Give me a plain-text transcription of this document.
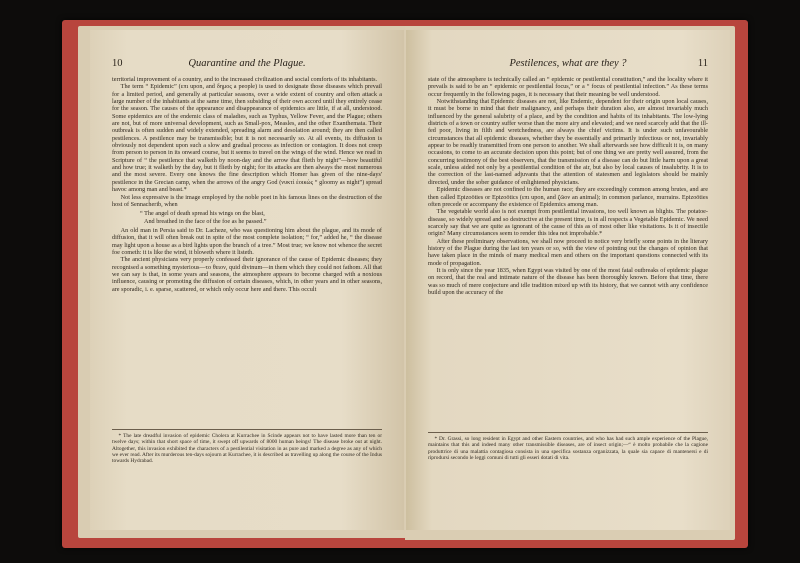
10	Quarantine and the Plague.

territorial improvement of a country, and to the increased civilization and social comforts of its inhabitants.

The term “ Epidemic” (επι upon, and δημος a people) is used to designate those diseases which prevail for a limited period, and generally at particular seasons, over a wide extent of country and often attack a large number of the inhabitants at the same time, then subsiding of their own accord until they entirely cease for the season. The causes of the appearance and disappearance of epidemics are little, if at all, understood. Some epidemics are of the endemic class of maladies, such as Typhus, Yellow Fever, and the Plague; others are not, but of more universal development, such as Small-pox, Measles, and the other Exanthemata. Their outbreak is often sudden and widely extended, spreading alarm and desolation around; they are then called pestilences. A pestilence may be transmissible; but it is not necessarily so. At all events, its diffusion is obviously not dependent upon such a slow and gradual process as infection or contagion. It does not creep from person to person in its onward course, but it seems to travel on the wings of the wind. Hence we read in Scripture of “ the pestilence that walketh by noon-day and the arrow that flieth by night”—how beautiful and how true; it walketh by the day, but it flieth by night; for its attacks are then always the most numerous and the most severe. Every one knows the fine description which Homer has given of the nine-days' pestilence in the Grecian camp, when the arrows of the angry God (νυκτὶ ἐοικώς “ gloomy as night”) spread havoc among man and beast.*

Not less expressive is the image employed by the noble poet in his famous lines on the destruction of the host of Sennacherib, when

“ The angel of death spread his wings on the blast,
And breathed in the face of the foe as he passed.”

An old man in Persia said to Dr. Lacheze, who was questioning him about the plague, and its mode of diffusion, that it will often break out in spite of the most complete isolation; “ for,” added he, “ the disease may light upon a house as a bird lights upon the branch of a tree.” Most true; we know not whence the secret foe cometh: it is like the wind, it bloweth where it listeth.

The ancient physicians very properly confessed their ignorance of the cause of Epidemic diseases; they recognised a something mysterious—το θειον, quid divinum—in them which they could not fathom. All that we can say is that, in some years and seasons, the atmosphere appears to become charged with a noxious influence, causing or promoting the diffusion of certain diseases, which, in other years and in other seasons, are sporadic, i. e. sparse, scattered, or which only occur here and there. This occult

* The late dreadful invasion of epidemic Cholera at Kurrachee in Scinde appears not to have lasted more than ten or twelve days; within that short space of time, it swept off upwards of 8000 human beings! The disease broke out at night. Altogether, this invasion exhibited the characters of a pestilential visitation in as pure and marked a degree as any of which we ever read. After its murderous ten-days sojourn at Kurrachee, it is described as travelling up along the course of the Indus towards Hydrabad.

Pestilences, what are they ?	11

state of the atmosphere is technically called an “ epidemic or pestilential constitution,” and the locality where it prevails is said to be an “ epidemic or pestilential focus,” or a “ focus of pestilential infection.” As these terms occur frequently in the following pages, it is necessary that their meaning be well understood.

Notwithstanding that Epidemic diseases are not, like Endemic, dependent for their origin upon local causes, it must be borne in mind that their malignancy, and perhaps their duration also, are almost invariably much influenced by the general salubrity of a place, and by the condition and habits of its inhabitants. The low-lying districts of a town or country suffer worse than the more airy and elevated; and we need scarcely add that the ill-fed poor, living in filth and wretchedness, are always the chief victims. It is under such unfavourable circumstances that all epidemic diseases, whether they be essentially and primarily infectious or not, invariably appear to be readily transmitted from one person to another. We shall afterwards see how difficult it is, on many occasions, to come to an accurate decision upon this point; but of one thing we are pretty well assured, from the concurring testimony of the best observers, that the transmission of a disease can do but little harm upon a great scale, unless aided not only by a pestilential condition of the air, but also by local causes of insalubrity. It is to the correction of the last-named adjuvants that the attention of statesmen and legislators should be mainly directed, under the sober guidance of enlightened physicians.

Epidemic diseases are not confined to the human race; they are exceedingly common among brutes, and are then called Epizoöties or Epizoötics (επι upon, and ζῶον an animal); in common parlance, murrains. Epizoöties often precede or accompany the existence of Epidemics among man.

The vegetable world also is not exempt from pestilential invasions, too well known as blights. The potatoe-disease, so widely spread and so destructive at the present time, is in all respects a Vegetable Epidemic. We need scarcely say that we are quite as ignorant of the cause of this as of most other like visitations. Is it of insectile origin? Many circumstances seem to render this idea not improbable.*

After these preliminary observations, we shall now proceed to notice very briefly some points in the literary history of the Plague during the last ten years or so, with the view of pointing out the changes of opinion that have taken place in the minds of many medical men and others on the important questions connected with its mode of propagation.

It is only since the year 1835, when Egypt was visited by one of the most fatal outbreaks of epidemic plague on record, that the real and intimate nature of the disease has been thoroughly known. Before that time, there was so much of mere conjecture and idle tradition mixed up with its history, that we cannot with any confidence build upon the accuracy of the

* Dr. Grassi, so long resident in Egypt and other Eastern countries, and who has had such ample experience of the Plague, maintains that this and indeed many other transmissible diseases, are of insect origin;—“ è molto probabile che la cagione produttrice di una malattia contagiosa consista in una specifica sostanza organizzata, la quale sia capace di mantenersi e di riprodursi secondo le leggi comuni di tutti gli esseri dotati di vita.
